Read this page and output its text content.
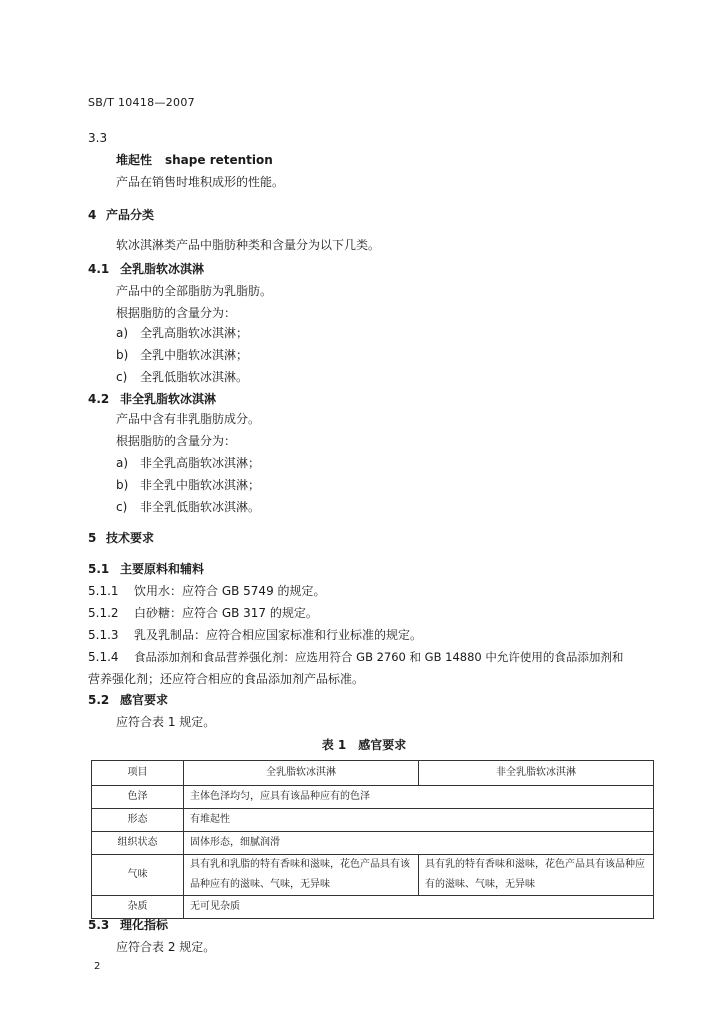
SB/T 10418—2007
3.3
堆起性 shape retention
产品在销售时堆积成形的性能。
4 产品分类
软冰淇淋类产品中脂肪种类和含量分为以下几类。
4.1 全乳脂软冰淇淋
产品中的全部脂肪为乳脂肪。
根据脂肪的含量分为：
a) 全乳高脂软冰淇淋；
b) 全乳中脂软冰淇淋；
c) 全乳低脂软冰淇淋。
4.2 非全乳脂软冰淇淋
产品中含有非乳脂肪成分。
根据脂肪的含量分为：
a) 非全乳高脂软冰淇淋；
b) 非全乳中脂软冰淇淋；
c) 非全乳低脂软冰淇淋。
5 技术要求
5.1 主要原料和辅料
5.1.1 饮用水：应符合 GB 5749 的规定。
5.1.2 白砂糖：应符合 GB 317 的规定。
5.1.3 乳及乳制品：应符合相应国家标准和行业标准的规定。
5.1.4 食品添加剂和食品营养强化剂：应选用符合 GB 2760 和 GB 14880 中允许使用的食品添加剂和
营养强化剂；还应符合相应的食品添加剂产品标准。
5.2 感官要求
应符合表 1 规定。
表 1　感官要求
项目	全乳脂软冰淇淋	非全乳脂软冰淇淋
色泽	主体色泽均匀，应具有该品种应有的色泽	
形态	有堆起性	
组织状态	固体形态，细腻润滑	
气味	具有乳和乳脂的特有香味和滋味，花色产品具有该品种应有的滋味、气味，无异味	具有乳的特有香味和滋味，花色产品具有该品种应有的滋味、气味，无异味
杂质	无可见杂质	
5.3 理化指标
应符合表 2 规定。
2
